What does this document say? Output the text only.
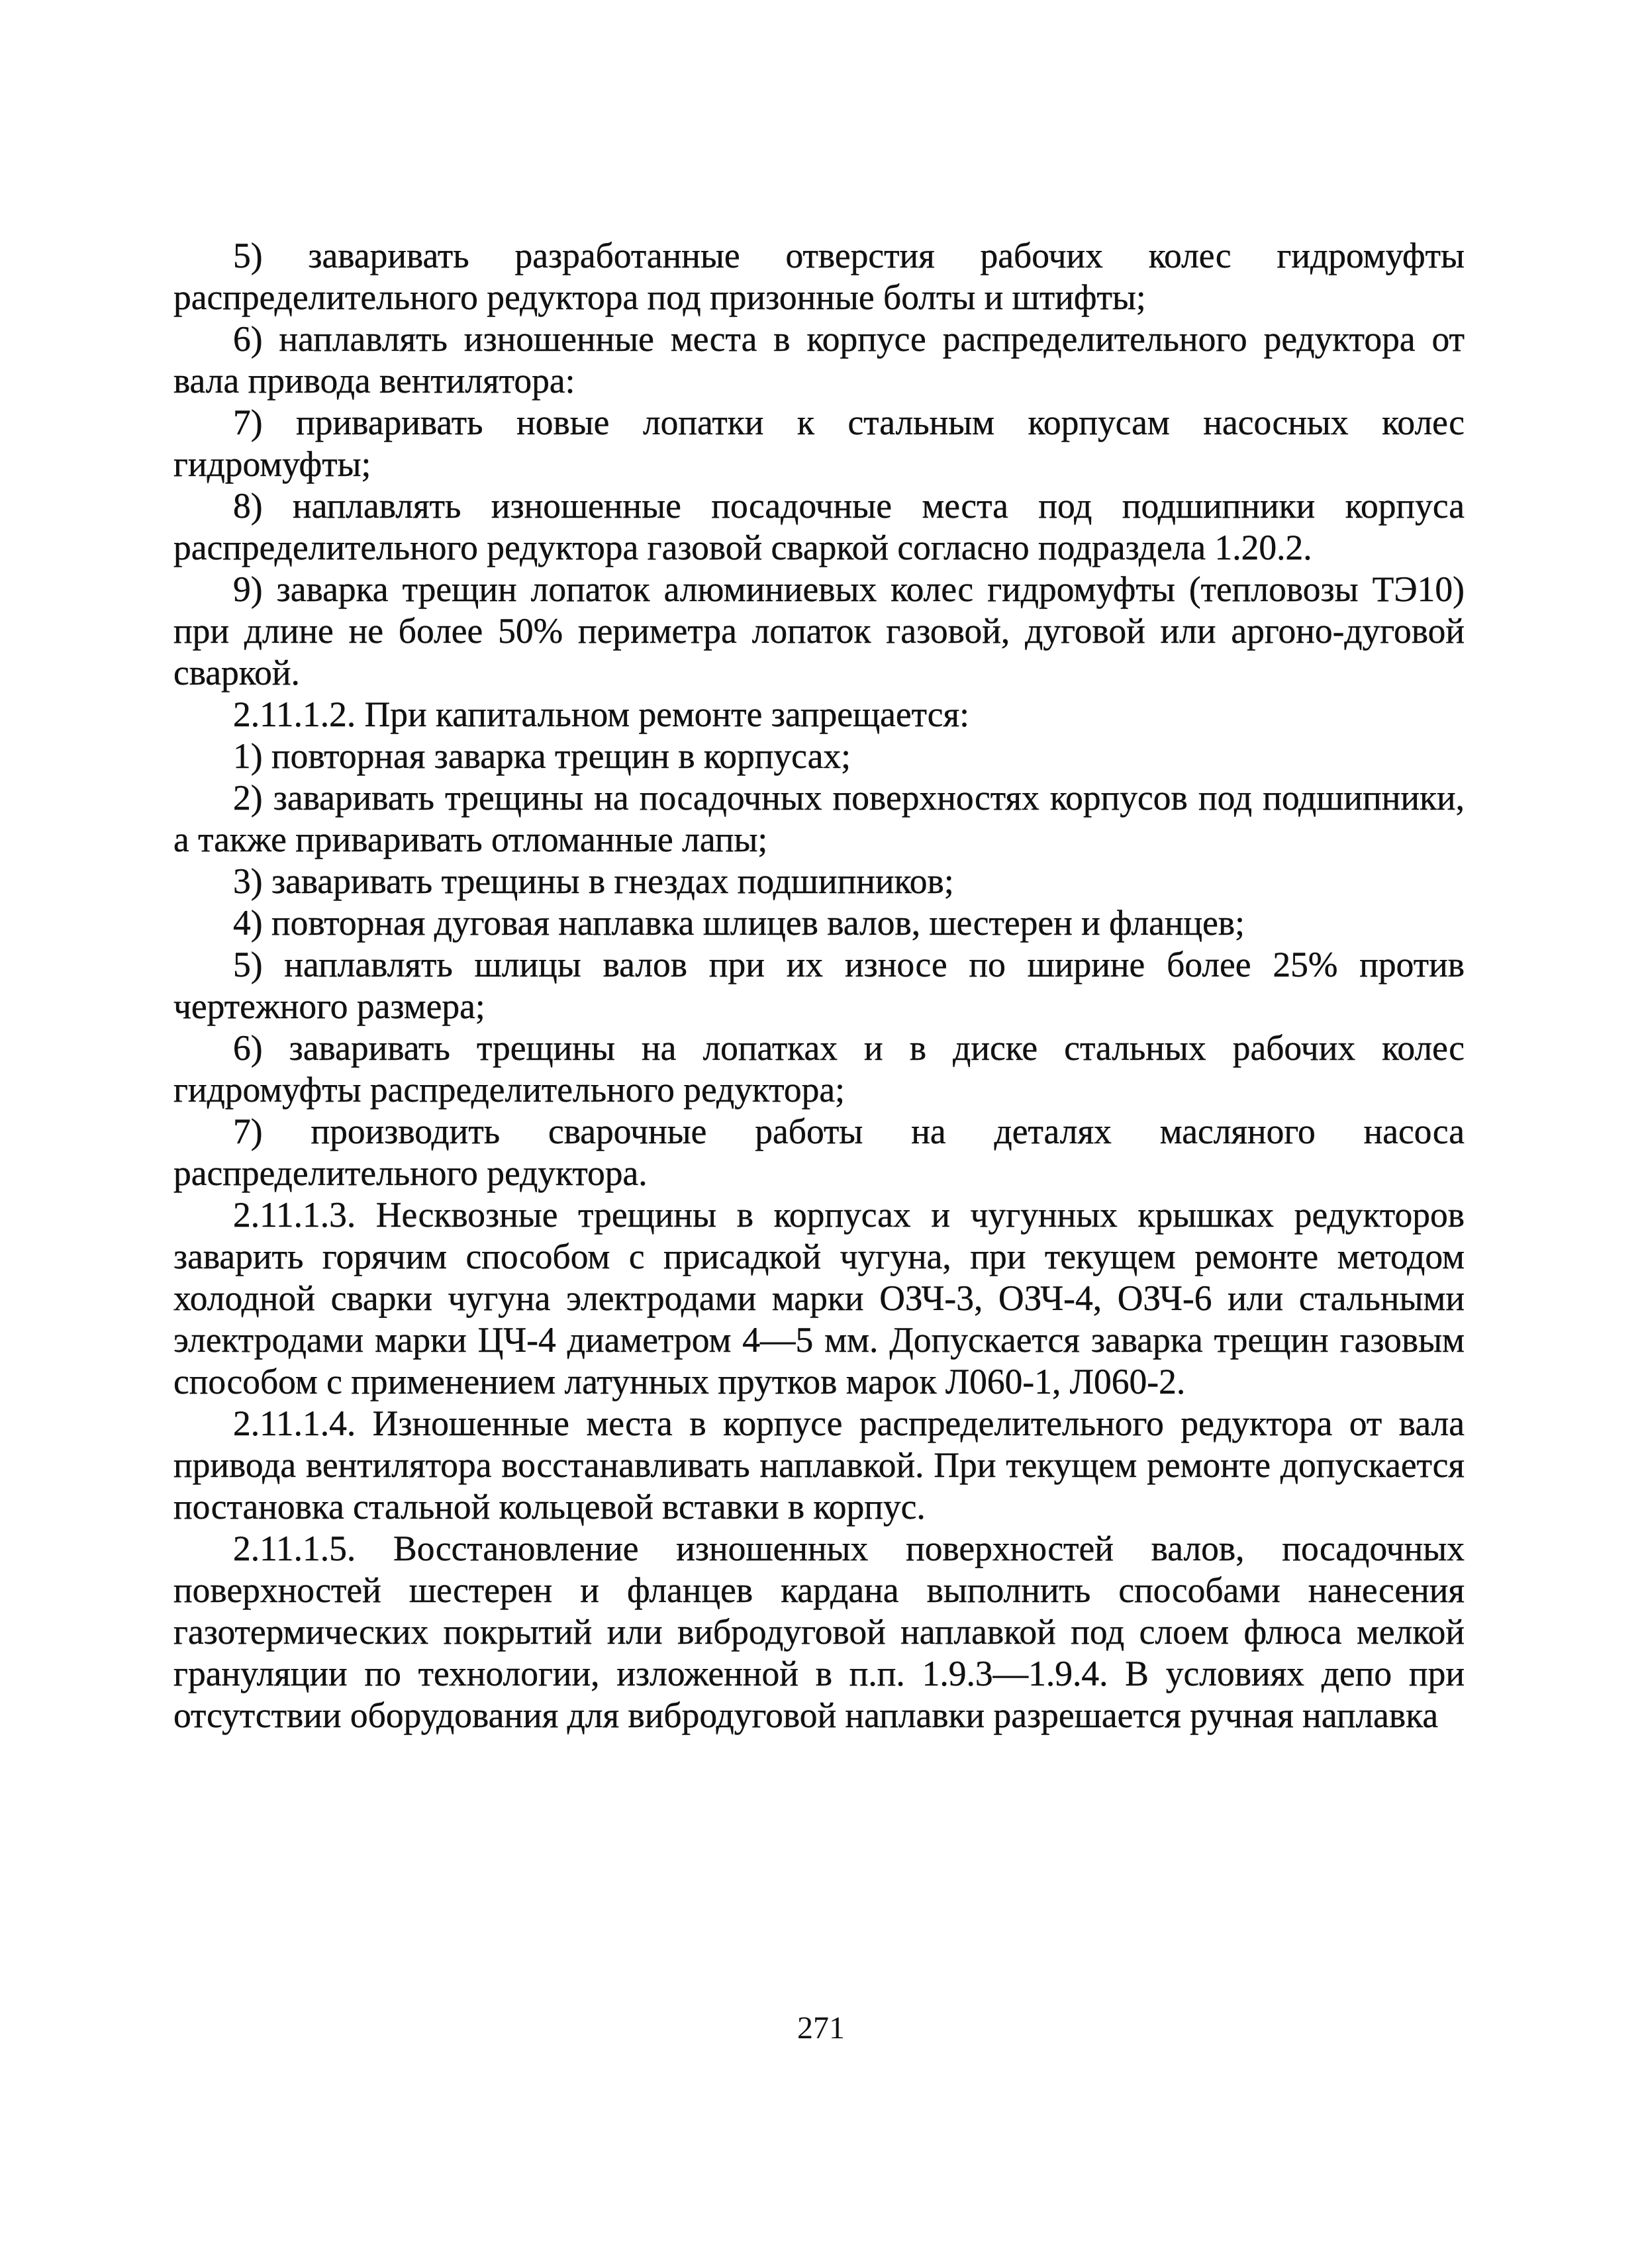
5) заваривать разработанные отверстия рабочих колес гидромуфты распределительного редуктора под призонные болты и штифты;

6) наплавлять изношенные места в корпусе распределительного редуктора от вала привода вентилятора:

7) приваривать новые лопатки к стальным корпусам насосных колес гидромуфты;

8) наплавлять изношенные посадочные места под подшипники корпуса распределительного редуктора газовой сваркой согласно подраздела 1.20.2.

9) заварка трещин лопаток алюминиевых колес гидромуфты (тепловозы ТЭ10) при длине не более 50% периметра лопаток газовой, дуговой или аргоно-дуговой сваркой.

2.11.1.2. При капитальном ремонте запрещается:

1) повторная заварка трещин в корпусах;

2) заваривать трещины на посадочных поверхностях корпусов под подшипники, а также приваривать отломанные лапы;

3) заваривать трещины в гнездах подшипников;

4) повторная дуговая наплавка шлицев валов, шестерен и фланцев;

5) наплавлять шлицы валов при их износе по ширине более 25% против чертежного размера;

6) заваривать трещины на лопатках и в диске стальных рабочих колес гидромуфты распределительного редуктора;

7) производить сварочные работы на деталях масляного насоса распределительного редуктора.

2.11.1.3. Несквозные трещины в корпусах и чугунных крышках редукторов заварить горячим способом с присадкой чугуна, при текущем ремонте методом холодной сварки чугуна электродами марки ОЗЧ-3, ОЗЧ-4, ОЗЧ-6 или стальными электродами марки ЦЧ-4 диаметром 4—5 мм. Допускается заварка трещин газовым способом с применением латунных прутков марок Л060-1, Л060-2.

2.11.1.4. Изношенные места в корпусе распределительного редуктора от вала привода вентилятора восстанавливать наплавкой. При текущем ремонте допускается постановка стальной кольцевой вставки в корпус.

2.11.1.5. Восстановление изношенных поверхностей валов, посадочных поверхностей шестерен и фланцев кардана выполнить способами нанесения газотермических покрытий или вибродуговой наплавкой под слоем флюса мелкой грануляции по технологии, изложенной в п.п. 1.9.3—1.9.4. В условиях депо при отсутствии оборудования для вибродуговой наплавки разрешается ручная наплавка

271
